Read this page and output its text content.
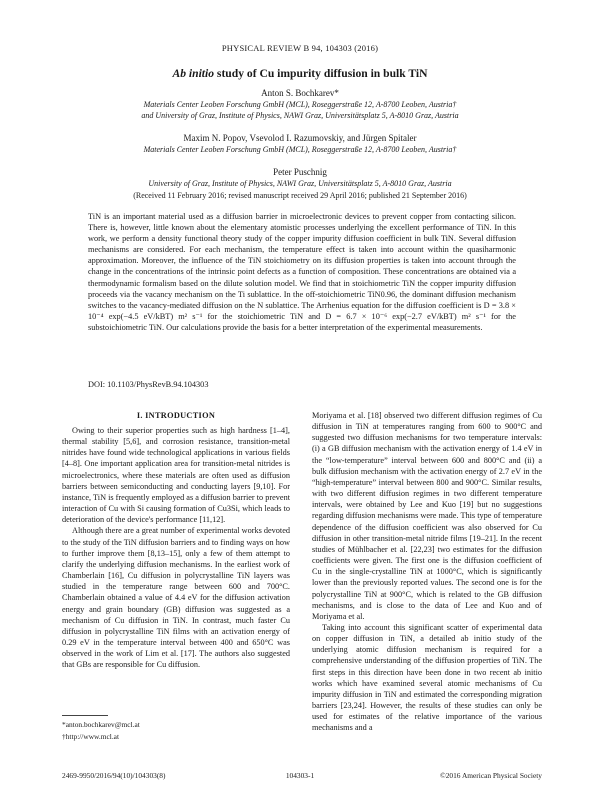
PHYSICAL REVIEW B 94, 104303 (2016)
Ab initio study of Cu impurity diffusion in bulk TiN
Anton S. Bochkarev*
Materials Center Leoben Forschung GmbH (MCL), Roseggerstraße 12, A-8700 Leoben, Austria†
and University of Graz, Institute of Physics, NAWI Graz, Universitätsplatz 5, A-8010 Graz, Austria
Maxim N. Popov, Vsevolod I. Razumovskiy, and Jürgen Spitaler
Materials Center Leoben Forschung GmbH (MCL), Roseggerstraße 12, A-8700 Leoben, Austria†
Peter Puschnig
University of Graz, Institute of Physics, NAWI Graz, Universitätsplatz 5, A-8010 Graz, Austria
(Received 11 February 2016; revised manuscript received 29 April 2016; published 21 September 2016)
TiN is an important material used as a diffusion barrier in microelectronic devices to prevent copper from contacting silicon. There is, however, little known about the elementary atomistic processes underlying the excellent performance of TiN. In this work, we perform a density functional theory study of the copper impurity diffusion coefficient in bulk TiN. Several diffusion mechanisms are considered. For each mechanism, the temperature effect is taken into account within the quasiharmonic approximation. Moreover, the influence of the TiN stoichiometry on its diffusion properties is taken into account through the change in the concentrations of the intrinsic point defects as a function of composition. These concentrations are obtained via a thermodynamic formalism based on the dilute solution model. We find that in stoichiometric TiN the copper impurity diffusion proceeds via the vacancy mechanism on the Ti sublattice. In the off-stoichiometric TiN0.96, the dominant diffusion mechanism switches to the vacancy-mediated diffusion on the N sublattice. The Arrhenius equation for the diffusion coefficient is D = 3.8 × 10⁻⁴ exp(−4.5 eV/kBT) m² s⁻¹ for the stoichiometric TiN and D = 6.7 × 10⁻⁶ exp(−2.7 eV/kBT) m² s⁻¹ for the substoichiometric TiN. Our calculations provide the basis for a better interpretation of the experimental measurements.
DOI: 10.1103/PhysRevB.94.104303
I. INTRODUCTION

Owing to their superior properties such as high hardness [1–4], thermal stability [5,6], and corrosion resistance, transition-metal nitrides have found wide technological applications in various fields [4–8]. One important application area for transition-metal nitrides is microelectronics, where these materials are often used as diffusion barriers between semiconducting and conducting layers [9,10]. For instance, TiN is frequently employed as a diffusion barrier to prevent interaction of Cu with Si causing formation of Cu3Si, which leads to deterioration of the device's performance [11,12].

Although there are a great number of experimental works devoted to the study of the TiN diffusion barriers and to finding ways on how to further improve them [8,13–15], only a few of them attempt to clarify the underlying diffusion mechanisms. In the earliest work of Chamberlain [16], Cu diffusion in polycrystalline TiN layers was studied in the temperature range between 600 and 700°C. Chamberlain obtained a value of 4.4 eV for the diffusion activation energy and grain boundary (GB) diffusion was suggested as a mechanism of Cu diffusion in TiN. In contrast, much faster Cu diffusion in polycrystalline TiN films with an activation energy of 0.29 eV in the temperature interval between 400 and 650°C was observed in the work of Lim et al. [17]. The authors also suggested that GBs are responsible for Cu diffusion.

Moriyama et al. [18] observed two different diffusion regimes of Cu diffusion in TiN at temperatures ranging from 600 to 900°C and suggested two diffusion mechanisms for two temperature intervals: (i) a GB diffusion mechanism with the activation energy of 1.4 eV in the “low-temperature” interval between 600 and 800°C and (ii) a bulk diffusion mechanism with the activation energy of 2.7 eV in the “high-temperature” interval between 800 and 900°C. Similar results, with two different diffusion regimes in two different temperature intervals, were obtained by Lee and Kuo [19] but no suggestions regarding diffusion mechanisms were made. This type of temperature dependence of the diffusion coefficient was also observed for Cu diffusion in other transition-metal nitride films [19–21]. In the recent studies of Mühlbacher et al. [22,23] two estimates for the diffusion coefficients were given. The first one is the diffusion coefficient of Cu in the single-crystalline TiN at 1000°C, which is significantly lower than the previously reported values. The second one is for the polycrystalline TiN at 900°C, which is related to the GB diffusion mechanisms, and is close to the data of Lee and Kuo and of Moriyama et al.

Taking into account this significant scatter of experimental data on copper diffusion in TiN, a detailed ab initio study of the underlying atomic diffusion mechanism is required for a comprehensive understanding of the diffusion properties of TiN. The first steps in this direction have been done in two recent ab initio works which have examined several atomic mechanisms of Cu impurity diffusion in TiN and estimated the corresponding migration barriers [23,24]. However, the results of these studies can only be used for estimates of the relative importance of the various mechanisms and a

*anton.bochkarev@mcl.at
†http://www.mcl.at
2469-9950/2016/94(10)/104303(8)	104303-1	©2016 American Physical Society
